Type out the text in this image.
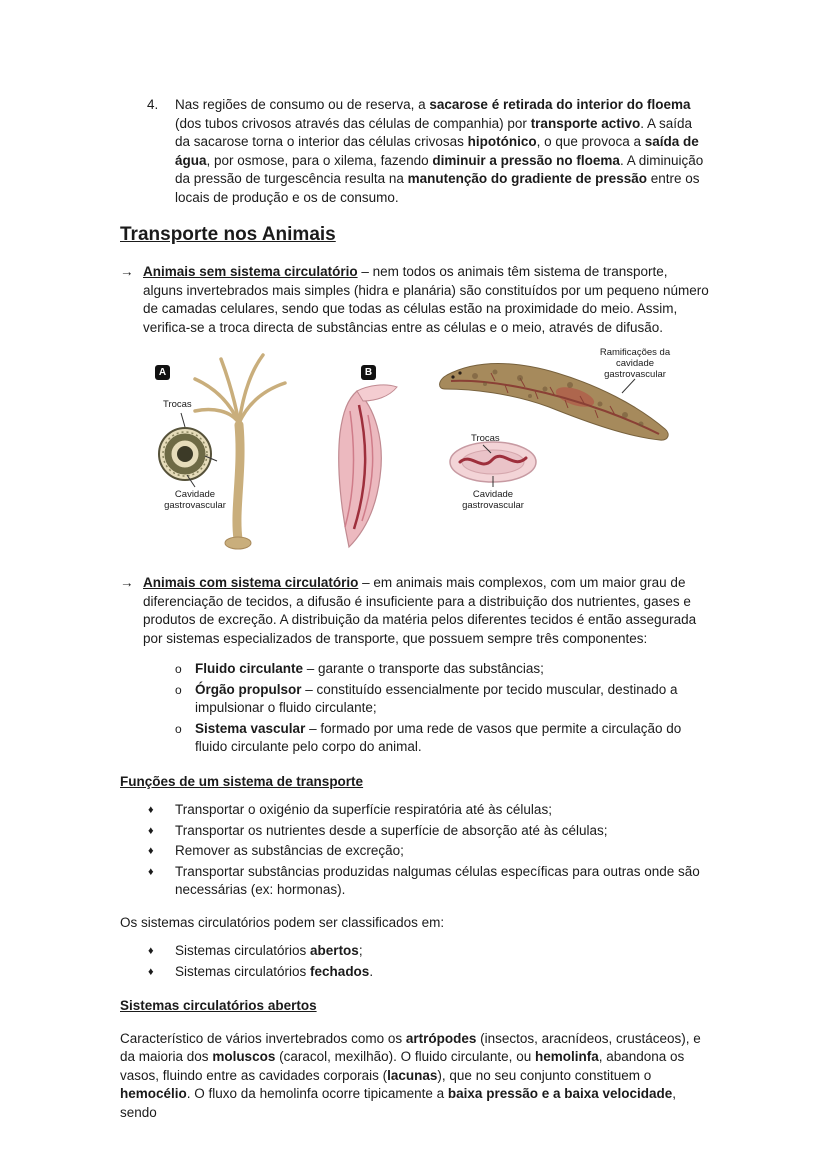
4.	Nas regiões de consumo ou de reserva, a sacarose é retirada do interior do floema (dos tubos crivosos através das células de companhia) por transporte activo. A saída da sacarose torna o interior das células crivosas hipotónico, o que provoca a saída de água, por osmose, para o xilema, fazendo diminuir a pressão no floema. A diminuição da pressão de turgescência resulta na manutenção do gradiente de pressão entre os locais de produção e os de consumo.
Transporte nos Animais
→ Animais sem sistema circulatório – nem todos os animais têm sistema de transporte, alguns invertebrados mais simples (hidra e planária) são constituídos por um pequeno número de camadas celulares, sendo que todas as células estão na proximidade do meio. Assim, verifica-se a troca directa de substâncias entre as células e o meio, através de difusão.
A	B
Trocas
Cavidade gastrovascular
Trocas
Cavidade gastrovascular
Ramificações da cavidade gastrovascular
→ Animais com sistema circulatório – em animais mais complexos, com um maior grau de diferenciação de tecidos, a difusão é insuficiente para a distribuição dos nutrientes, gases e produtos de excreção. A distribuição da matéria pelos diferentes tecidos é então assegurada por sistemas especializados de transporte, que possuem sempre três componentes:
o Fluido circulante – garante o transporte das substâncias;
o Órgão propulsor – constituído essencialmente por tecido muscular, destinado a impulsionar o fluido circulante;
o Sistema vascular – formado por uma rede de vasos que permite a circulação do fluido circulante pelo corpo do animal.
Funções de um sistema de transporte
♦	Transportar o oxigénio da superfície respiratória até às células;
♦	Transportar os nutrientes desde a superfície de absorção até às células;
♦	Remover as substâncias de excreção;
♦	Transportar substâncias produzidas nalgumas células específicas para outras onde são necessárias (ex: hormonas).
Os sistemas circulatórios podem ser classificados em:
♦	Sistemas circulatórios abertos;
♦	Sistemas circulatórios fechados.
Sistemas circulatórios abertos
Característico de vários invertebrados como os artrópodes (insectos, aracnídeos, crustáceos), e da maioria dos moluscos (caracol, mexilhão). O fluido circulante, ou hemolinfa, abandona os vasos, fluindo entre as cavidades corporais (lacunas), que no seu conjunto constituem o hemocélio. O fluxo da hemolinfa ocorre tipicamente a baixa pressão e a baixa velocidade, sendo
